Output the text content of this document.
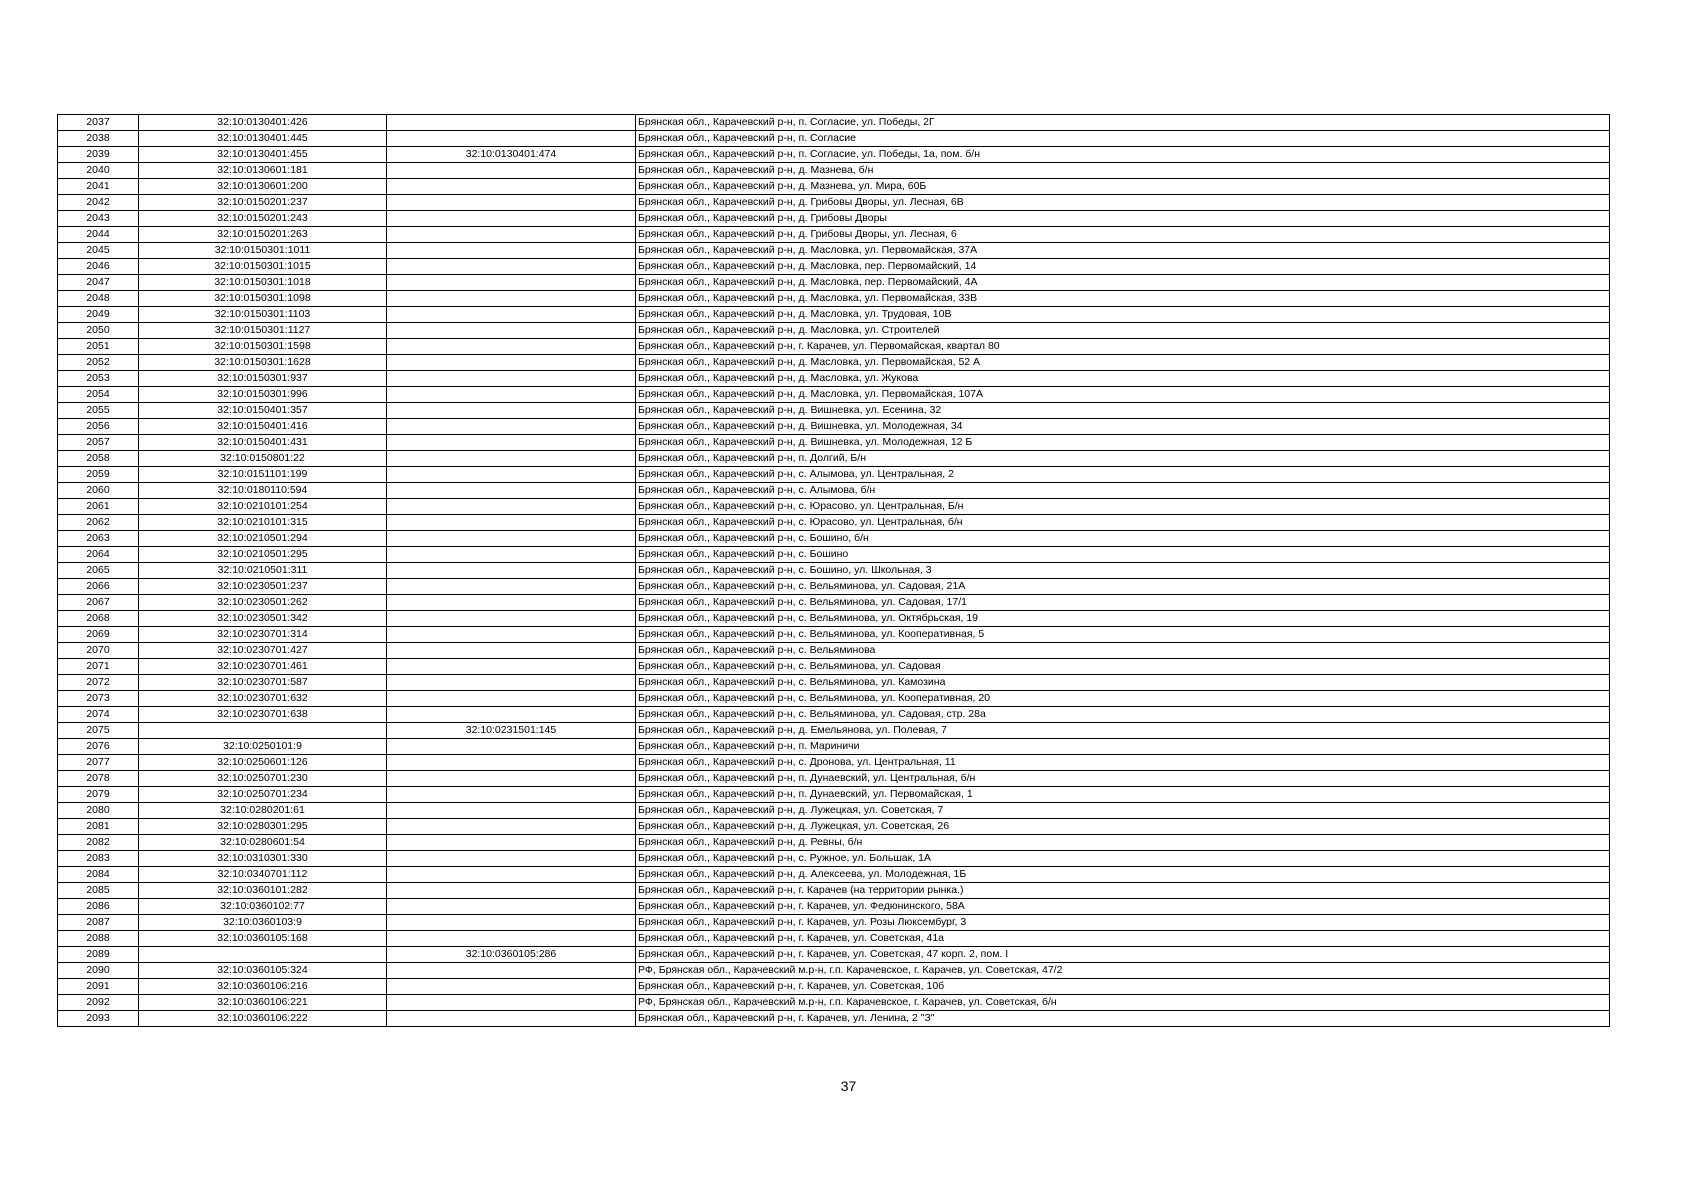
2037	32:10:0130401:426		Брянская обл., Карачевский р-н, п. Согласие, ул. Победы, 2Г
2038	32:10:0130401:445		Брянская обл., Карачевский р-н, п. Согласие
2039	32:10:0130401:455	32:10:0130401:474	Брянская обл., Карачевский р-н, п. Согласие, ул. Победы, 1а, пом. б/н
2040	32:10:0130601:181		Брянская обл., Карачевский р-н, д. Мазнева, б/н
2041	32:10:0130601:200		Брянская обл., Карачевский р-н, д. Мазнева, ул. Мира, 60Б
2042	32:10:0150201:237		Брянская обл., Карачевский р-н, д. Грибовы Дворы, ул. Лесная, 6В
2043	32:10:0150201:243		Брянская обл., Карачевский р-н, д. Грибовы Дворы
2044	32:10:0150201:263		Брянская обл., Карачевский р-н, д. Грибовы Дворы, ул. Лесная, 6
2045	32:10:0150301:1011		Брянская обл., Карачевский р-н, д. Масловка, ул. Первомайская, 37А
2046	32:10:0150301:1015		Брянская обл., Карачевский р-н, д. Масловка, пер. Первомайский, 14
2047	32:10:0150301:1018		Брянская обл., Карачевский р-н, д. Масловка, пер. Первомайский, 4А
2048	32:10:0150301:1098		Брянская обл., Карачевский р-н, д. Масловка, ул. Первомайская, 33В
2049	32:10:0150301:1103		Брянская обл., Карачевский р-н, д. Масловка, ул. Трудовая, 10В
2050	32:10:0150301:1127		Брянская обл., Карачевский р-н, д. Масловка, ул. Строителей
2051	32:10:0150301:1598		Брянская обл., Карачевский р-н, г. Карачев, ул. Первомайская, квартал 80
2052	32:10:0150301:1628		Брянская обл., Карачевский р-н, д. Масловка, ул. Первомайская, 52 А
2053	32:10:0150301:937		Брянская обл., Карачевский р-н, д. Масловка, ул. Жукова
2054	32:10:0150301:996		Брянская обл., Карачевский р-н, д. Масловка, ул. Первомайская, 107А
2055	32:10:0150401:357		Брянская обл., Карачевский р-н, д. Вишневка, ул. Есенина, 32
2056	32:10:0150401:416		Брянская обл., Карачевский р-н, д. Вишневка, ул. Молодежная, 34
2057	32:10:0150401:431		Брянская обл., Карачевский р-н, д. Вишневка, ул. Молодежная, 12 Б
2058	32:10:0150801:22		Брянская обл., Карачевский р-н, п. Долгий, Б/н
2059	32:10:0151101:199		Брянская обл., Карачевский р-н, с. Алымова, ул. Центральная, 2
2060	32:10:0180110:594		Брянская обл., Карачевский р-н, с. Алымова, б/н
2061	32:10:0210101:254		Брянская обл., Карачевский р-н, с. Юрасово, ул. Центральная, Б/н
2062	32:10:0210101:315		Брянская обл., Карачевский р-н, с. Юрасово, ул. Центральная, б/н
2063	32:10:0210501:294		Брянская обл., Карачевский р-н, с. Бошино, б/н
2064	32:10:0210501:295		Брянская обл., Карачевский р-н, с. Бошино
2065	32:10:0210501:311		Брянская обл., Карачевский р-н, с. Бошино, ул. Школьная, 3
2066	32:10:0230501:237		Брянская обл., Карачевский р-н, с. Вельяминова, ул. Садовая, 21А
2067	32:10:0230501:262		Брянская обл., Карачевский р-н, с. Вельяминова, ул. Садовая, 17/1
2068	32:10:0230501:342		Брянская обл., Карачевский р-н, с. Вельяминова, ул. Октябрьская, 19
2069	32:10:0230701:314		Брянская обл., Карачевский р-н, с. Вельяминова, ул. Кооперативная, 5
2070	32:10:0230701:427		Брянская обл., Карачевский р-н, с. Вельяминова
2071	32:10:0230701:461		Брянская обл., Карачевский р-н, с. Вельяминова, ул. Садовая
2072	32:10:0230701:587		Брянская обл., Карачевский р-н, с. Вельяминова, ул. Камозина
2073	32:10:0230701:632		Брянская обл., Карачевский р-н, с. Вельяминова, ул. Кооперативная, 20
2074	32:10:0230701:638		Брянская обл., Карачевский р-н, с. Вельяминова, ул. Садовая, стр. 28а
2075		32:10:0231501:145	Брянская обл., Карачевский р-н, д. Емельянова, ул. Полевая, 7
2076	32:10:0250101:9		Брянская обл., Карачевский р-н, п. Мариничи
2077	32:10:0250601:126		Брянская обл., Карачевский р-н, с. Дронова, ул. Центральная, 11
2078	32:10:0250701:230		Брянская обл., Карачевский р-н, п. Дунаевский, ул. Центральная, б/н
2079	32:10:0250701:234		Брянская обл., Карачевский р-н, п. Дунаевский, ул. Первомайская, 1
2080	32:10:0280201:61		Брянская обл., Карачевский р-н, д. Лужецкая, ул. Советская, 7
2081	32:10:0280301:295		Брянская обл., Карачевский р-н, д. Лужецкая, ул. Советская, 26
2082	32:10:0280601:54		Брянская обл., Карачевский р-н, д. Ревны, б/н
2083	32:10:0310301:330		Брянская обл., Карачевский р-н, с. Ружное, ул. Большак, 1А
2084	32:10:0340701:112		Брянская обл., Карачевский р-н, д. Алексеева, ул. Молодежная, 1Б
2085	32:10:0360101:282		Брянская обл., Карачевский р-н, г. Карачев (на территории рынка.)
2086	32:10:0360102:77		Брянская обл., Карачевский р-н, г. Карачев, ул. Федюнинского, 58А
2087	32:10:0360103:9		Брянская обл., Карачевский р-н, г. Карачев, ул. Розы Люксембург, 3
2088	32:10:0360105:168		Брянская обл., Карачевский р-н, г. Карачев, ул. Советская, 41а
2089		32:10:0360105:286	Брянская обл., Карачевский р-н, г. Карачев, ул. Советская, 47 корп. 2, пом. I
2090	32:10:0360105:324		РФ, Брянская обл., Карачевский м.р-н, г.п. Карачевское, г. Карачев, ул. Советская, 47/2
2091	32:10:0360106:216		Брянская обл., Карачевский р-н, г. Карачев, ул. Советская, 10б
2092	32:10:0360106:221		РФ, Брянская обл., Карачевский м.р-н, г.п. Карачевское, г. Карачев, ул. Советская, б/н
2093	32:10:0360106:222		Брянская обл., Карачевский р-н, г. Карачев, ул. Ленина, 2 "З"
37
